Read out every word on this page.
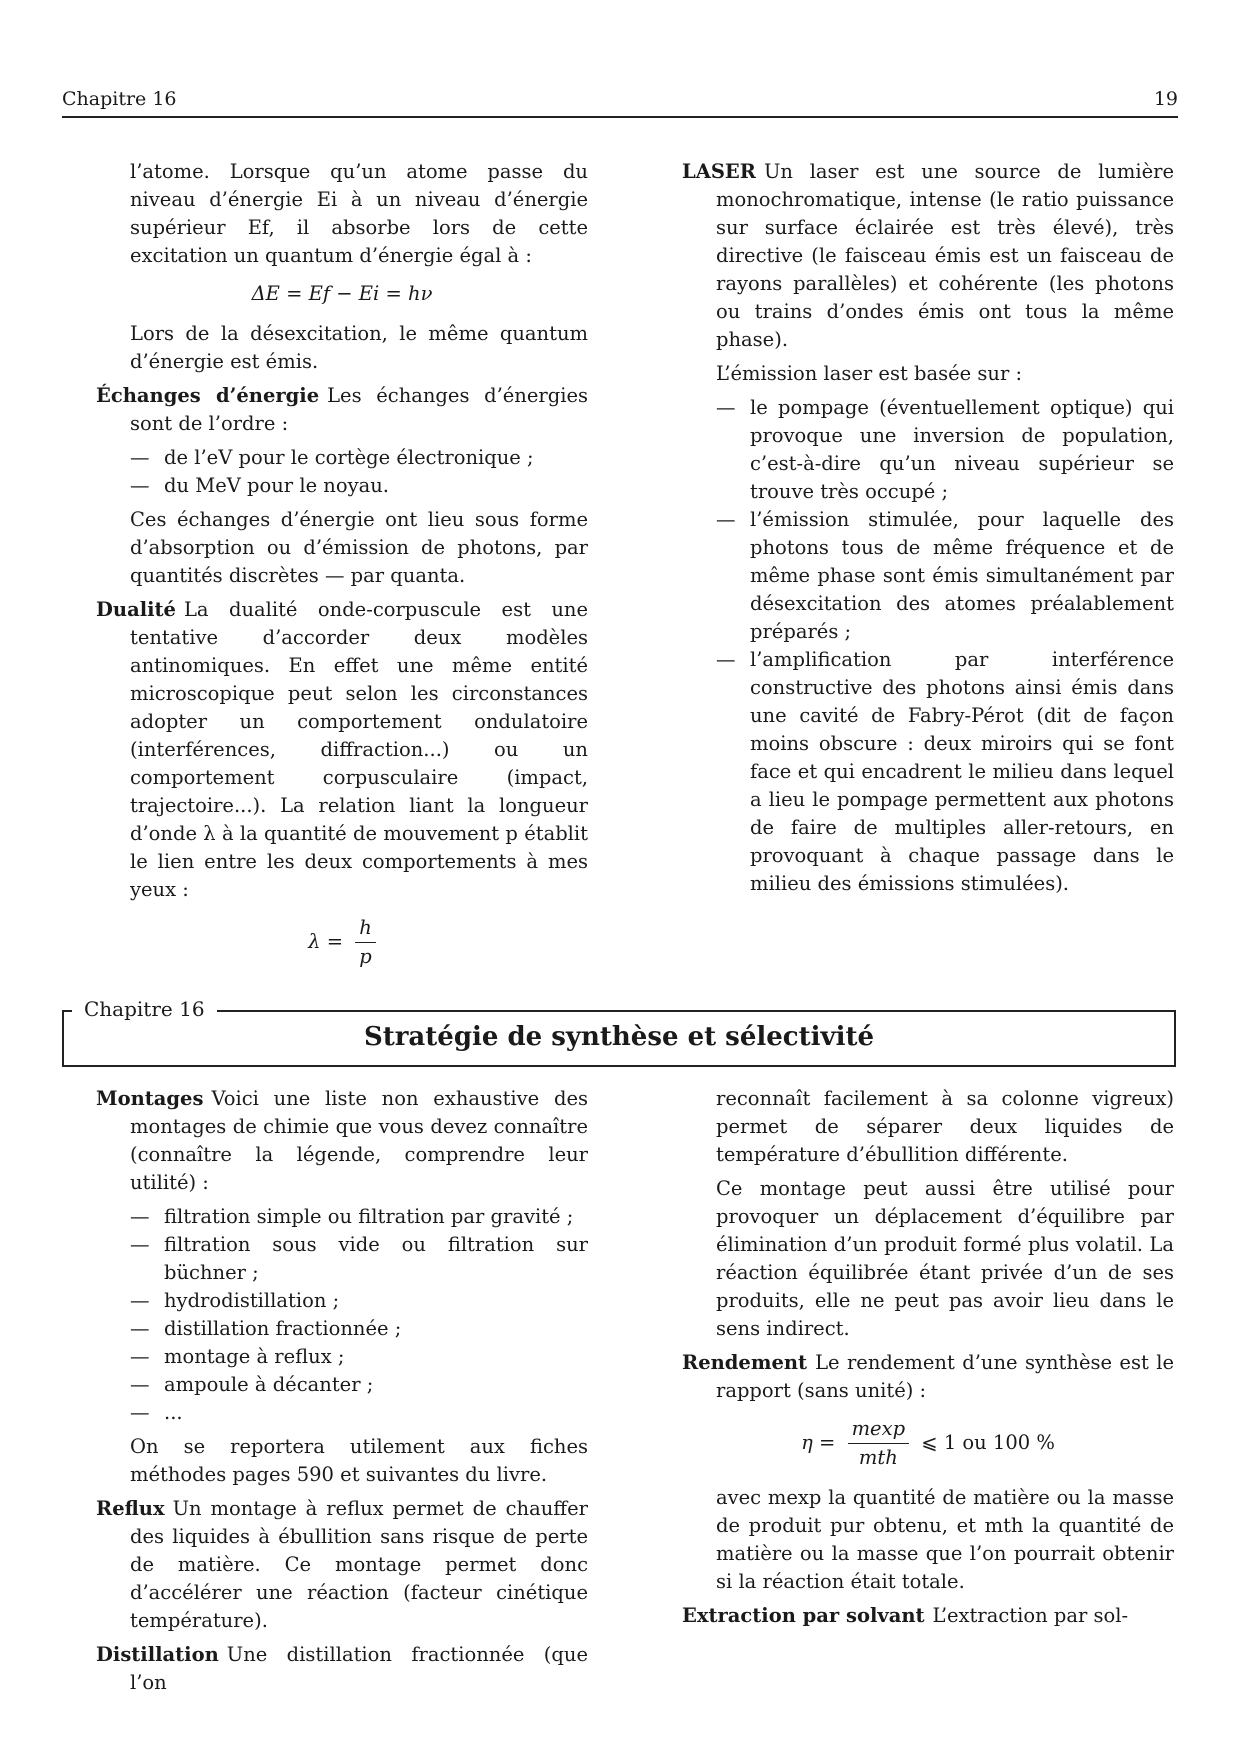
Chapitre 16	19

l’atome. Lorsque qu’un atome passe du niveau d’énergie Ei à un niveau d’énergie supérieur Ef, il absorbe lors de cette excitation un quantum d’énergie égal à :

ΔE = Ef − Ei = hν

Lors de la désexcitation, le même quantum d’énergie est émis.

Échanges d’énergie Les échanges d’énergies sont de l’ordre :
— de l’eV pour le cortège électronique ;
— du MeV pour le noyau.

Ces échanges d’énergie ont lieu sous forme d’absorption ou d’émission de photons, par quantités discrètes — par quanta.

Dualité La dualité onde-corpuscule est une tentative d’accorder deux modèles antinomiques. En effet une même entité microscopique peut selon les circonstances adopter un comportement ondulatoire (interférences, diffraction...) ou un comportement corpusculaire (impact, trajectoire...). La relation liant la longueur d’onde λ à la quantité de mouvement p établit le lien entre les deux comportements à mes yeux :
$\lambda = \frac{h}{p}$
LASER Un laser est une source de lumière monochromatique, intense (le ratio puissance sur surface éclairée est très élevé), très directive (le faisceau émis est un faisceau de rayons parallèles) et cohérente (les photons ou trains d’ondes émis ont tous la même phase).

L’émission laser est basée sur :

— le pompage (éventuellement optique) qui provoque une inversion de population, c’est-à-dire qu’un niveau supérieur se trouve très occupé ;
— l’émission stimulée, pour laquelle des photons tous de même fréquence et de même phase sont émis simultanément par désexcitation des atomes préalablement préparés ;
— l’amplification par interférence constructive des photons ainsi émis dans une cavité de Fabry-Pérot (dit de façon moins obscure : deux miroirs qui se font face et qui encadrent le milieu dans lequel a lieu le pompage permettent aux photons de faire de multiples aller-retours, en provoquant à chaque passage dans le milieu des émissions stimulées).
Chapitre 16
Stratégie de synthèse et sélectivité
Montages Voici une liste non exhaustive des montages de chimie que vous devez connaître (connaître la légende, comprendre leur utilité) :
— filtration simple ou filtration par gravité ;
— filtration sous vide ou filtration sur büchner ;
— hydrodistillation ;
— distillation fractionnée ;
— montage à reflux ;
— ampoule à décanter ;
— ...

On se reportera utilement aux fiches méthodes pages 590 et suivantes du livre.

Reflux Un montage à reflux permet de chauffer des liquides à ébullition sans risque de perte de matière. Ce montage permet donc d’accélérer une réaction (facteur cinétique température).
Distillation Une distillation fractionnée (que l’on

reconnaît facilement à sa colonne vigreux) permet de séparer deux liquides de température d’ébullition différente.

Ce montage peut aussi être utilisé pour provoquer un déplacement d’équilibre par élimination d’un produit formé plus volatil. La réaction équilibrée étant privée d’un de ses produits, elle ne peut pas avoir lieu dans le sens indirect.

Rendement Le rendement d’une synthèse est le rapport (sans unité) :
$\eta = \frac{mexp}{\text{mth}}$ ⩽ 1 ou 100 %

avec mexp la quantité de matière ou la masse de produit pur obtenu, et mth la quantité de matière ou la masse que l’on pourrait obtenir si la réaction était totale.

Extraction par solvant L’extraction par sol-
